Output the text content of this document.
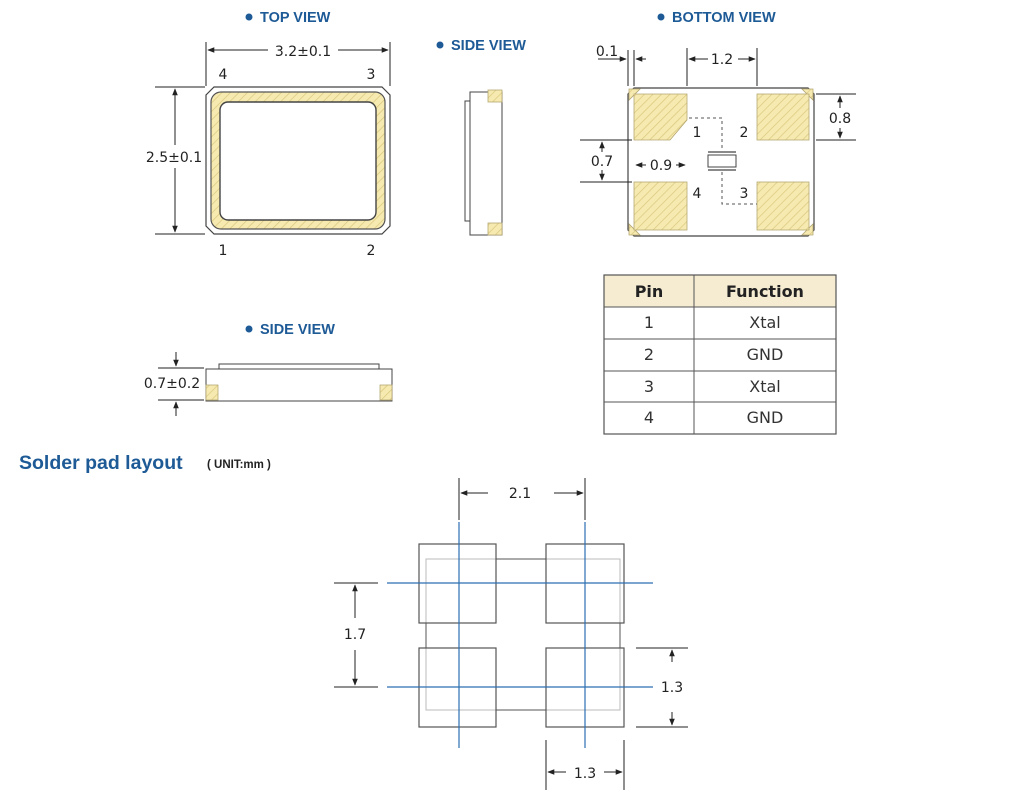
TOP VIEW
SIDE VIEW
BOTTOM VIEW
SIDE VIEW
3.2±0.1
2.5±0.1
4	3
1	2
0.7±0.2
1	2
3
4
0.1	1.2
0.8
0.7	0.9
Pin	Function
1	Xtal
2	GND
3	Xtal
4	GND
Solder pad layout ( UNIT:mm )
2.1
1.7
1.3
1.3
